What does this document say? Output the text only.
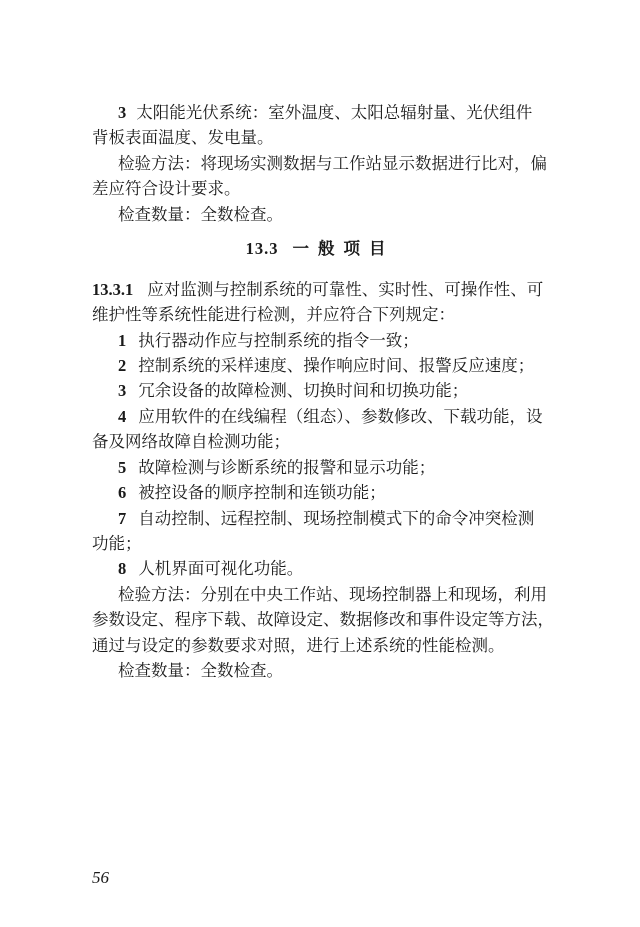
3 太阳能光伏系统：室外温度、太阳总辐射量、光伏组件
背板表面温度、发电量。
检验方法：将现场实测数据与工作站显示数据进行比对，偏
差应符合设计要求。
检查数量：全数检查。
13.3 一般项目
13.3.1 应对监测与控制系统的可靠性、实时性、可操作性、可
维护性等系统性能进行检测，并应符合下列规定：
1 执行器动作应与控制系统的指令一致；
2 控制系统的采样速度、操作响应时间、报警反应速度；
3 冗余设备的故障检测、切换时间和切换功能；
4 应用软件的在线编程（组态）、参数修改、下载功能，设
备及网络故障自检测功能；
5 故障检测与诊断系统的报警和显示功能；
6 被控设备的顺序控制和连锁功能；
7 自动控制、远程控制、现场控制模式下的命令冲突检测
功能；
8 人机界面可视化功能。
检验方法：分别在中央工作站、现场控制器上和现场，利用
参数设定、程序下载、故障设定、数据修改和事件设定等方法，
通过与设定的参数要求对照，进行上述系统的性能检测。
检查数量：全数检查。
56
